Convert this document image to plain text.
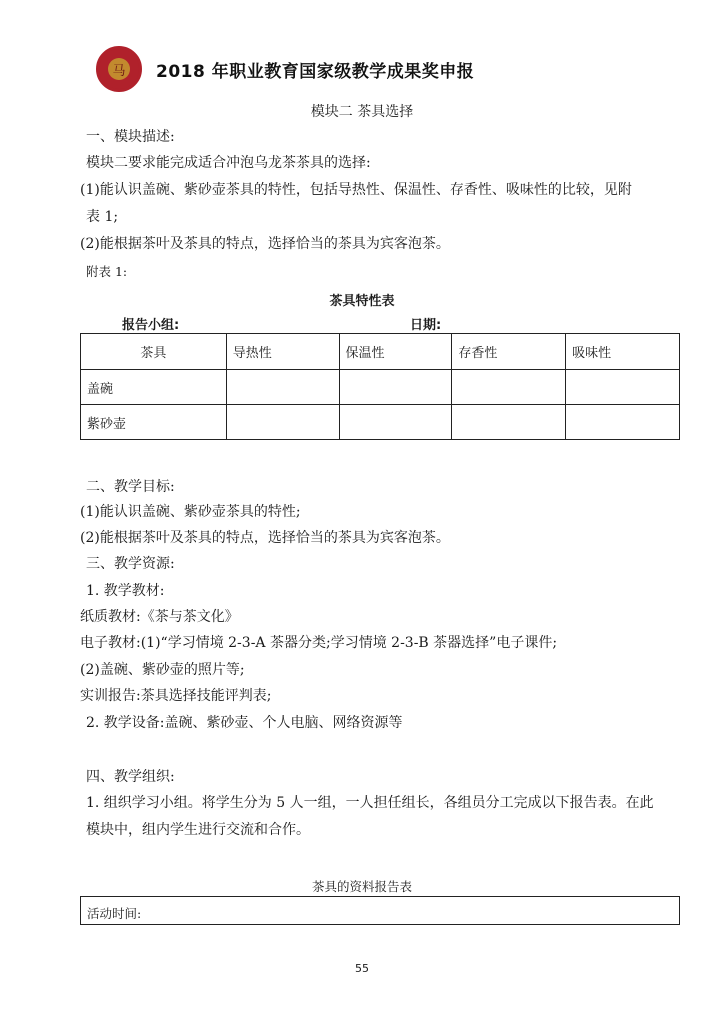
马 2018 年职业教育国家级教学成果奖申报
模块二 茶具选择
一、模块描述:
模块二要求能完成适合冲泡乌龙茶茶具的选择:
(1)能认识盖碗、紫砂壶茶具的特性，包括导热性、保温性、存香性、吸味性的比较，见附
表 1;
(2)能根据茶叶及茶具的特点，选择恰当的茶具为宾客泡茶。
附表 1:
茶具特性表
报告小组:	日期:
茶具	导热性	保温性	存香性	吸味性
盖碗				
紫砂壶				
二、教学目标:
(1)能认识盖碗、紫砂壶茶具的特性;
(2)能根据茶叶及茶具的特点，选择恰当的茶具为宾客泡茶。
三、教学资源:
1. 教学教材:
纸质教材:《茶与茶文化》
电子教材:(1)“学习情境 2-3-A 茶器分类;学习情境 2-3-B 茶器选择”电子课件;
(2)盖碗、紫砂壶的照片等;
实训报告:茶具选择技能评判表;
2. 教学设备:盖碗、紫砂壶、个人电脑、网络资源等
四、教学组织:
1. 组织学习小组。将学生分为 5 人一组，一人担任组长，各组员分工完成以下报告表。在此
模块中，组内学生进行交流和合作。
茶具的资料报告表
活动时间:
55
